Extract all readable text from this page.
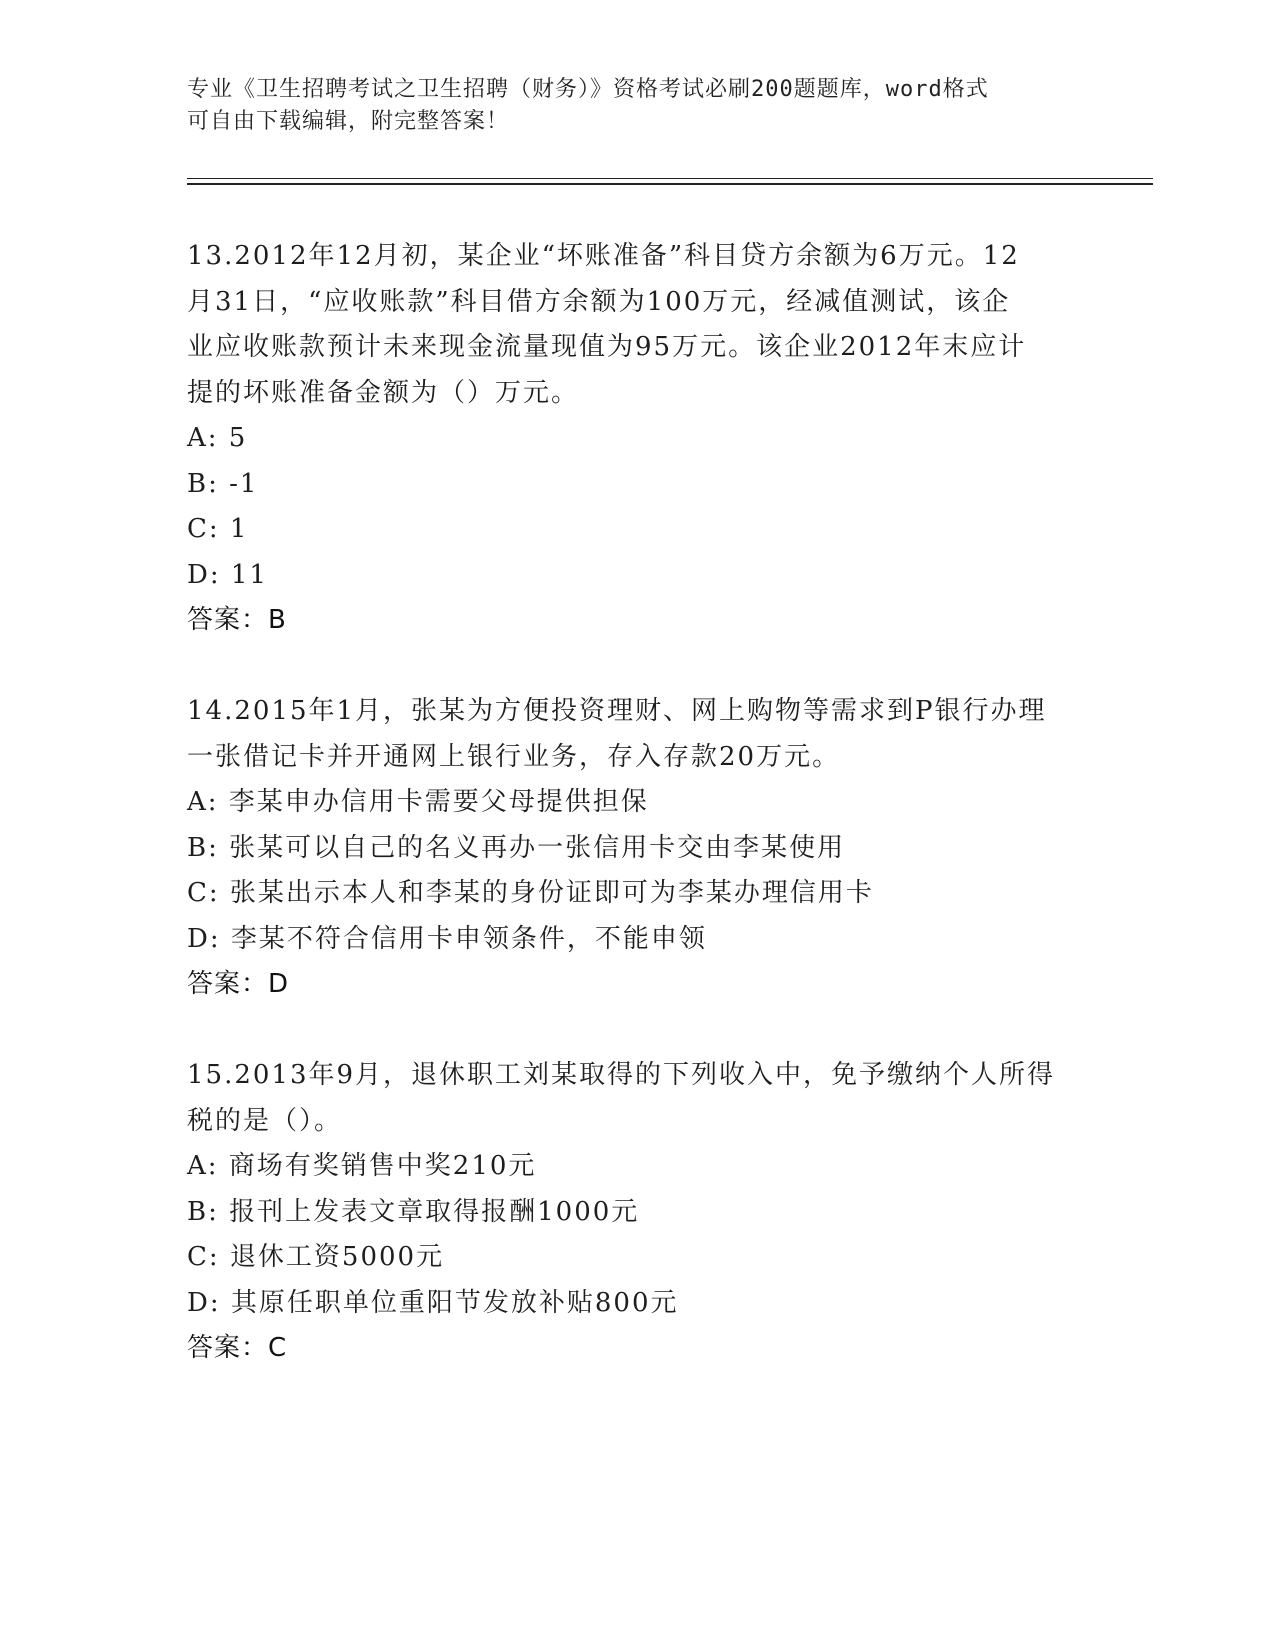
专业《卫生招聘考试之卫生招聘（财务）》资格考试必刷200题题库，word格式
可自由下载编辑，附完整答案！

13.2012年12月初，某企业“坏账准备”科目贷方余额为6万元。12

月31日，“应收账款”科目借方余额为100万元，经减值测试，该企

业应收账款预计未来现金流量现值为95万元。该企业2012年末应计

提的坏账准备金额为（）万元。

A: 5

B: -1

C: 1

D: 11

答案：B

14.2015年1月，张某为方便投资理财、网上购物等需求到P银行办理

一张借记卡并开通网上银行业务，存入存款20万元。

A: 李某申办信用卡需要父母提供担保

B: 张某可以自己的名义再办一张信用卡交由李某使用

C: 张某出示本人和李某的身份证即可为李某办理信用卡

D: 李某不符合信用卡申领条件，不能申领

答案：D

15.2013年9月，退休职工刘某取得的下列收入中，免予缴纳个人所得

税的是（）。

A: 商场有奖销售中奖210元

B: 报刊上发表文章取得报酬1000元

C: 退休工资5000元

D: 其原任职单位重阳节发放补贴800元

答案：C
